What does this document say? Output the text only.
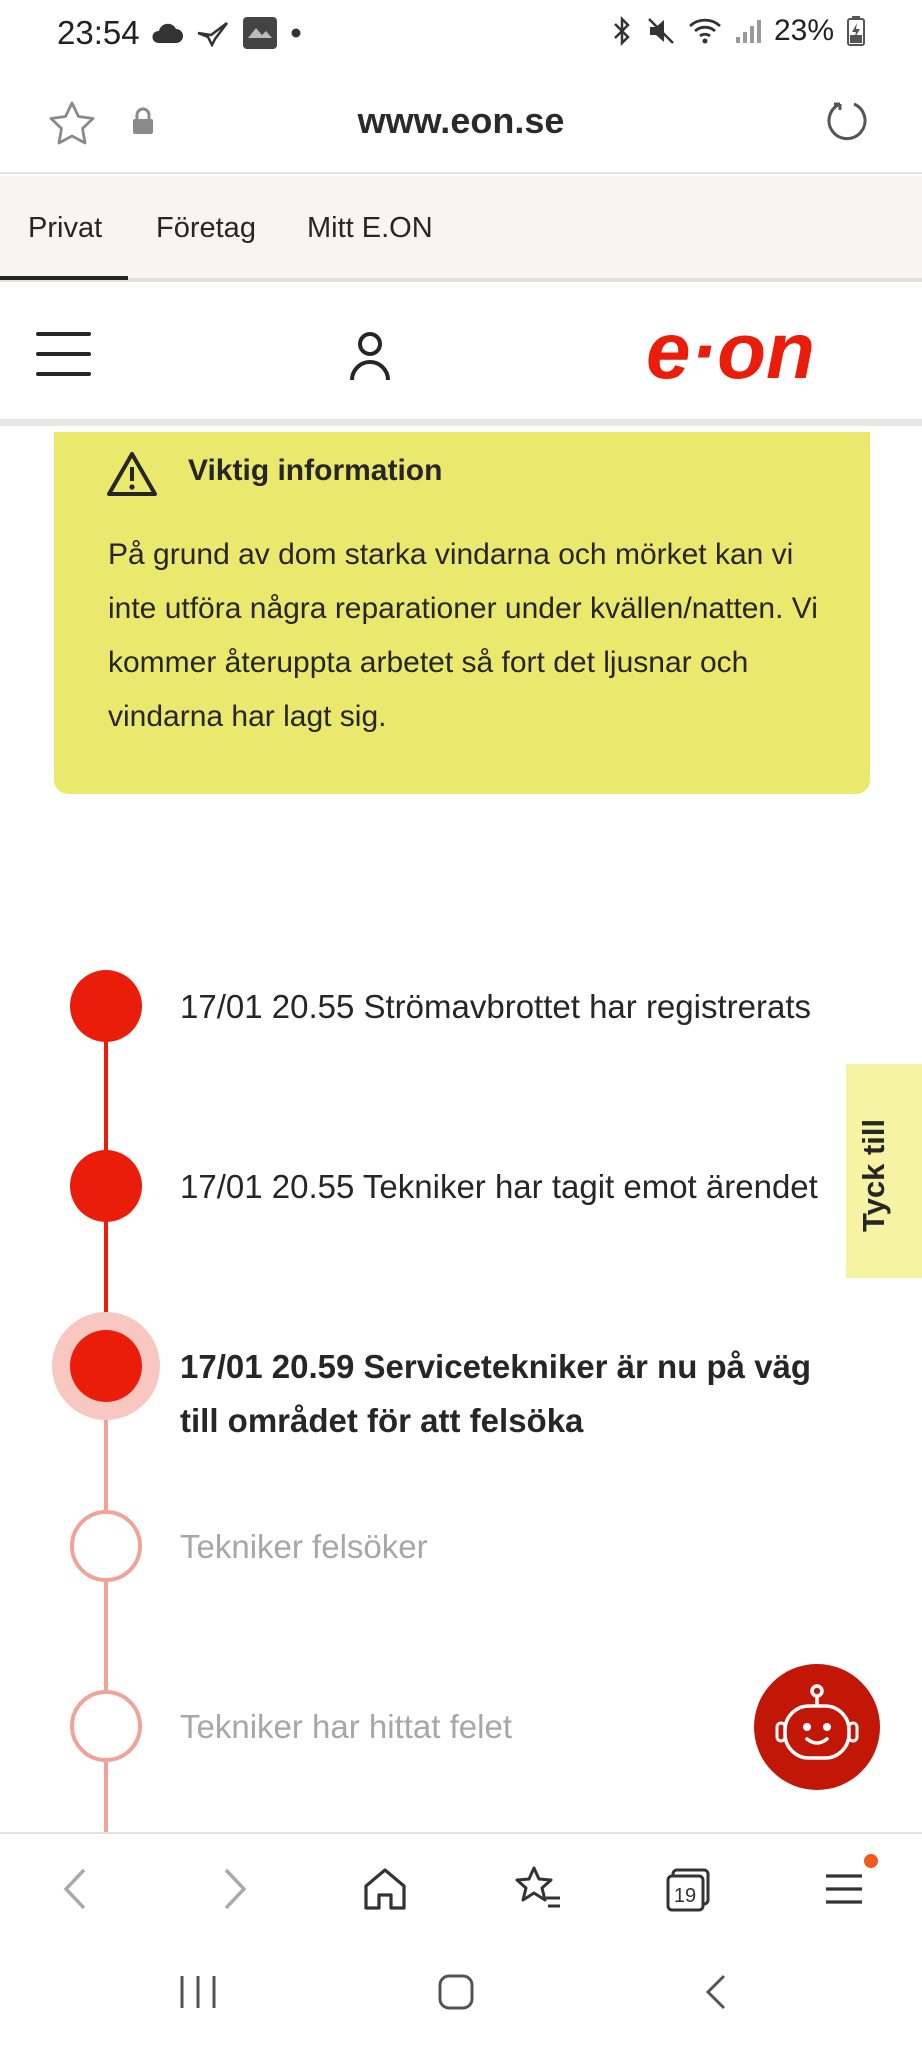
23:54	23%
www.eon.se
Privat Företag Mitt E.ON
e·on
Viktig information
På grund av dom starka vindarna och mörket kan vi inte utföra några reparationer under kvällen/natten. Vi kommer återuppta arbetet så fort det ljusnar och vindarna har lagt sig.
17/01 20.55 Strömavbrottet har registrerats
17/01 20.55 Tekniker har tagit emot ärendet
17/01 20.59 Servicetekniker är nu på väg till området för att felsöka
Tekniker felsöker
Tekniker har hittat felet
Tyck till
19
